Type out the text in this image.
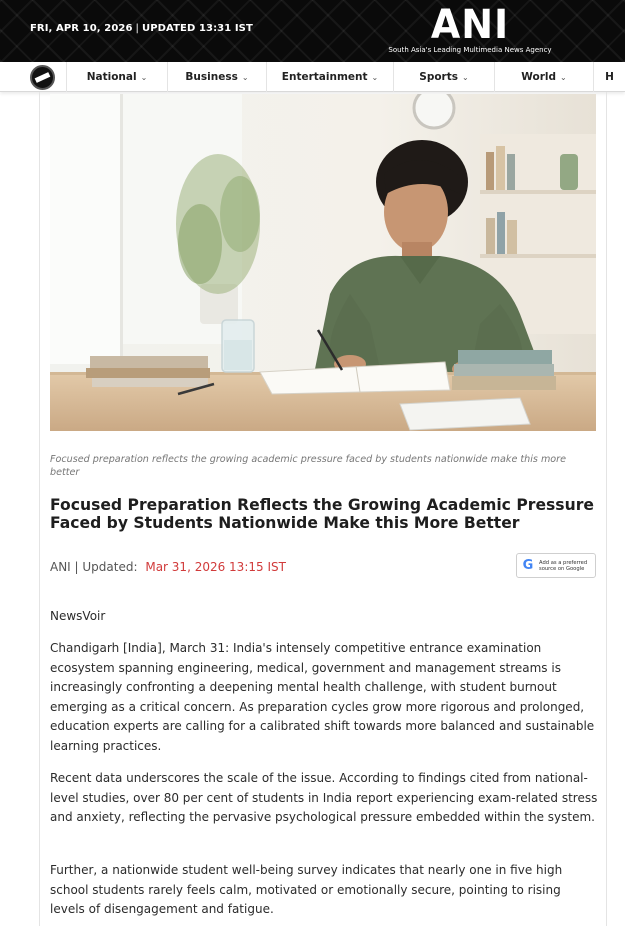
FRI, APR 10, 2026 | UPDATED 13:31 IST	ANI
South Asia's Leading Multimedia News Agency
National ⌄	Business ⌄	Entertainment ⌄	Sports ⌄	World ⌄	H
Focused preparation reflects the growing academic pressure faced by students nationwide make this more better
Focused Preparation Reflects the Growing Academic Pressure Faced by Students Nationwide Make this More Better
ANI | Updated: Mar 31, 2026 13:15 IST	G	Add as a preferred source on Google

NewsVoir

Chandigarh [India], March 31: India's intensely competitive entrance examination ecosystem spanning engineering, medical, government and management streams is increasingly confronting a deepening mental health challenge, with student burnout emerging as a critical concern. As preparation cycles grow more rigorous and prolonged, education experts are calling for a calibrated shift towards more balanced and sustainable learning practices.

Recent data underscores the scale of the issue. According to findings cited from national-level studies, over 80 per cent of students in India report experiencing exam-related stress and anxiety, reflecting the pervasive psychological pressure embedded within the system.

Further, a nationwide student well-being survey indicates that nearly one in five high school students rarely feels calm, motivated or emotionally secure, pointing to rising levels of disengagement and fatigue.
